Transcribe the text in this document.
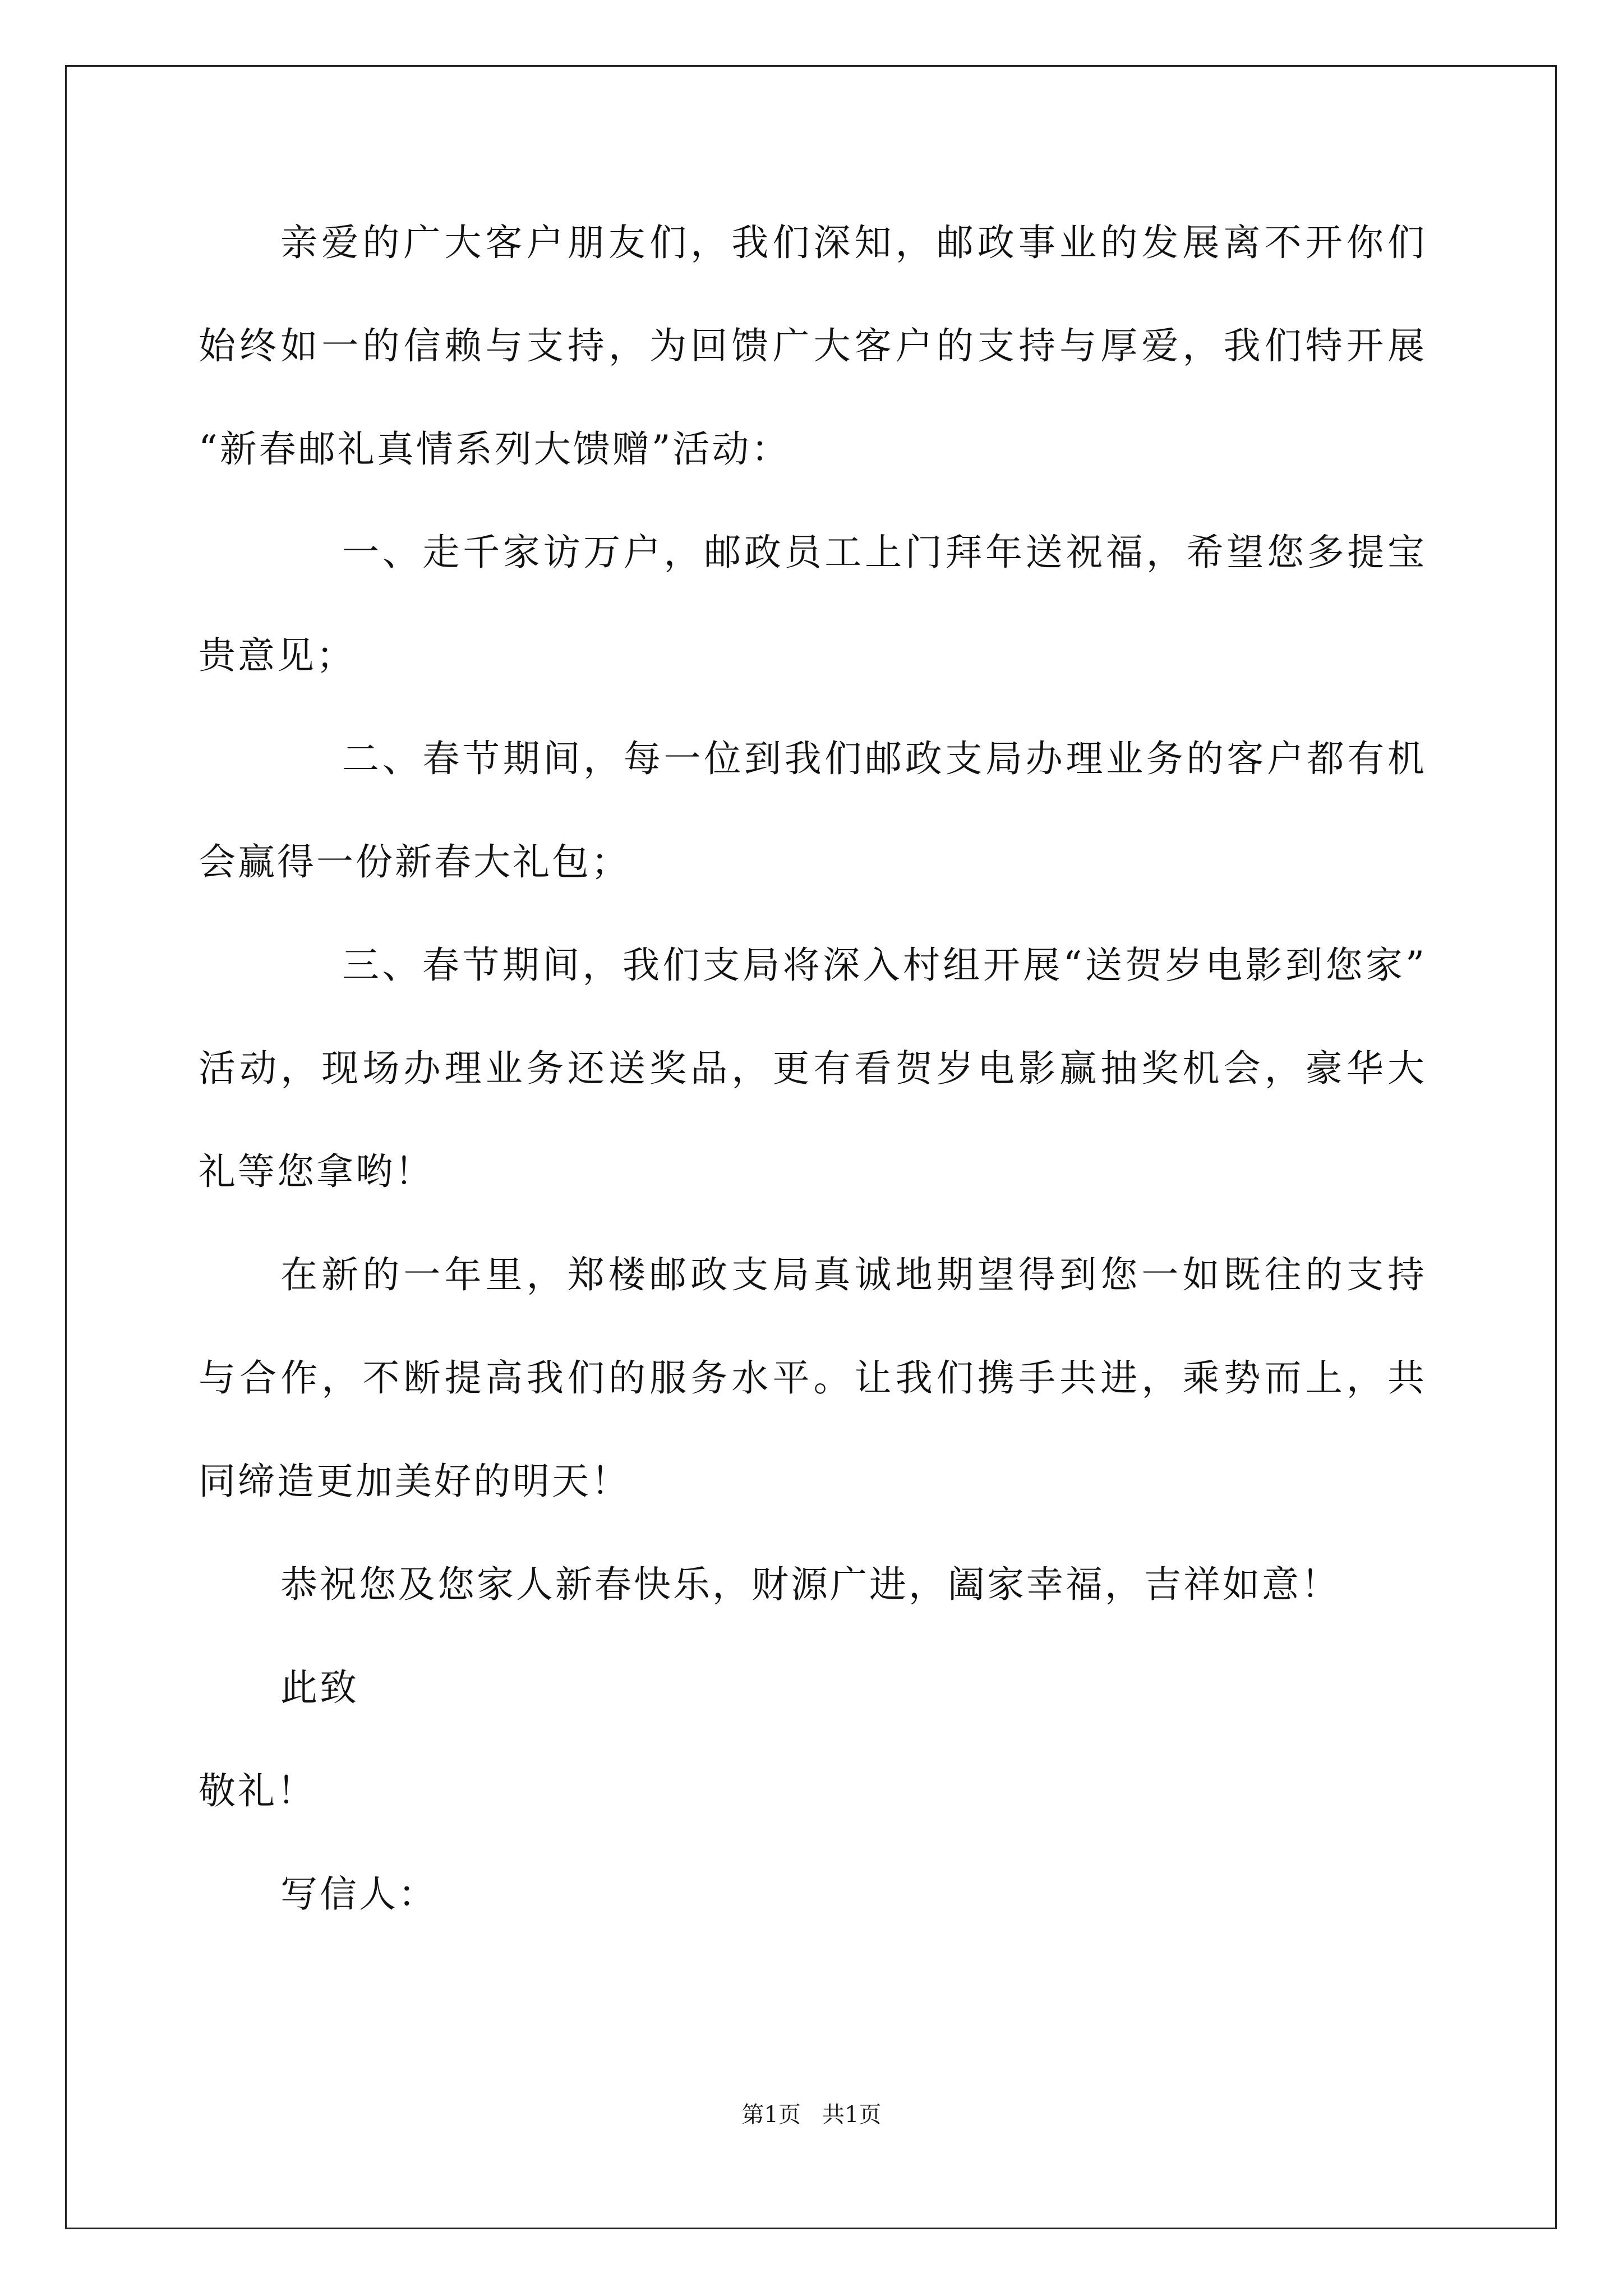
亲爱的广大客户朋友们，我们深知，邮政事业的发展离不开你们
始终如一的信赖与支持，为回馈广大客户的支持与厚爱，我们特开展
“新春邮礼真情系列大馈赠”活动：
一、走千家访万户，邮政员工上门拜年送祝福，希望您多提宝
贵意见；
二、春节期间，每一位到我们邮政支局办理业务的客户都有机
会赢得一份新春大礼包；
三、春节期间，我们支局将深入村组开展“送贺岁电影到您家”
活动，现场办理业务还送奖品，更有看贺岁电影赢抽奖机会，豪华大
礼等您拿哟！
在新的一年里，郑楼邮政支局真诚地期望得到您一如既往的支持
与合作，不断提高我们的服务水平。让我们携手共进，乘势而上，共
同缔造更加美好的明天！
恭祝您及您家人新春快乐，财源广进，阖家幸福，吉祥如意！
此致
敬礼！
写信人：
第1页   共1页
